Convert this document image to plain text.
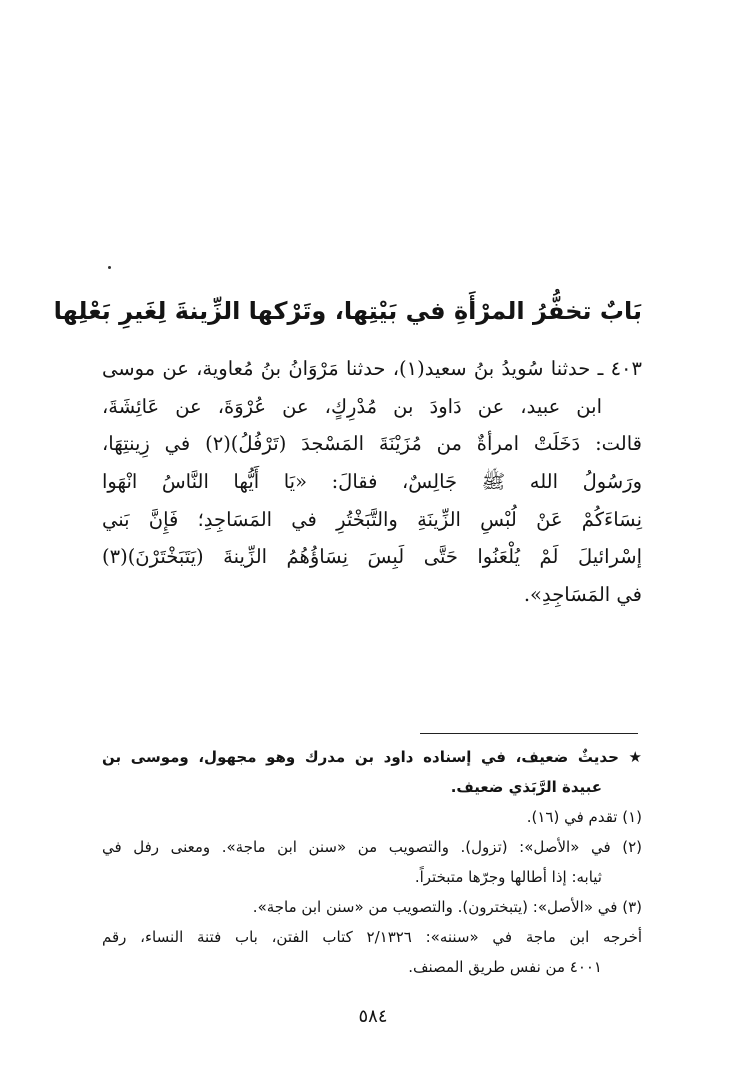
بَابٌ تخفُّرُ المرْأَةِ في بَيْتِها، وتَرْكها الزِّينةَ لِغَيرِ بَعْلِها
٤٠٣ ـ حدثنا سُويدُ بنُ سعيد(١)، حدثنا مَرْوَانُ بنُ مُعاوية، عن موسى
ابن عبيد، عن دَاودَ بن مُدْرِكٍ، عن عُرْوَةَ، عن عَائِشَةَ،
قالت: دَخَلَتْ امرأةٌ من مُزَيْنَةَ المَسْجدَ (تَرْفُلُ)(٢) في زِينتِهَا،
ورَسُولُ الله ﷺ جَالِسٌ، فقالَ: «يَا أَيُّها النَّاسُ انْهَوا
نِسَاءَكُمْ عَنْ لُبْسِ الزِّينَةِ والتَّبَخْتُرِ في المَسَاجِدِ؛ فَإِنَّ بَني
إسْرائيلَ لَمْ يُلْعَنُوا حَتَّى لَبِسَ نِسَاؤُهُمُ الزِّينةَ (يَتَبَخْتَرْنَ)(٣)
في المَسَاجِدِ».
★ حديثٌ ضعيف، في إسناده داود بن مدرك وهو مجهول، وموسى بن
عبيدة الرَّبَذي ضعيف.
(١) تقدم في (١٦).
(٢) في «الأصل»: (تزول). والتصويب من «سنن ابن ماجة». ومعنى رفل في
ثيابه: إذا أطالها وجرّها متبختراً.
(٣) في «الأصل»: (يتبخترون). والتصويب من «سنن ابن ماجة».
أخرجه ابن ماجة في «سننه»: ٢/١٣٢٦ كتاب الفتن، باب فتنة النساء، رقم
٤٠٠١ من نفس طريق المصنف.
٥٨٤
